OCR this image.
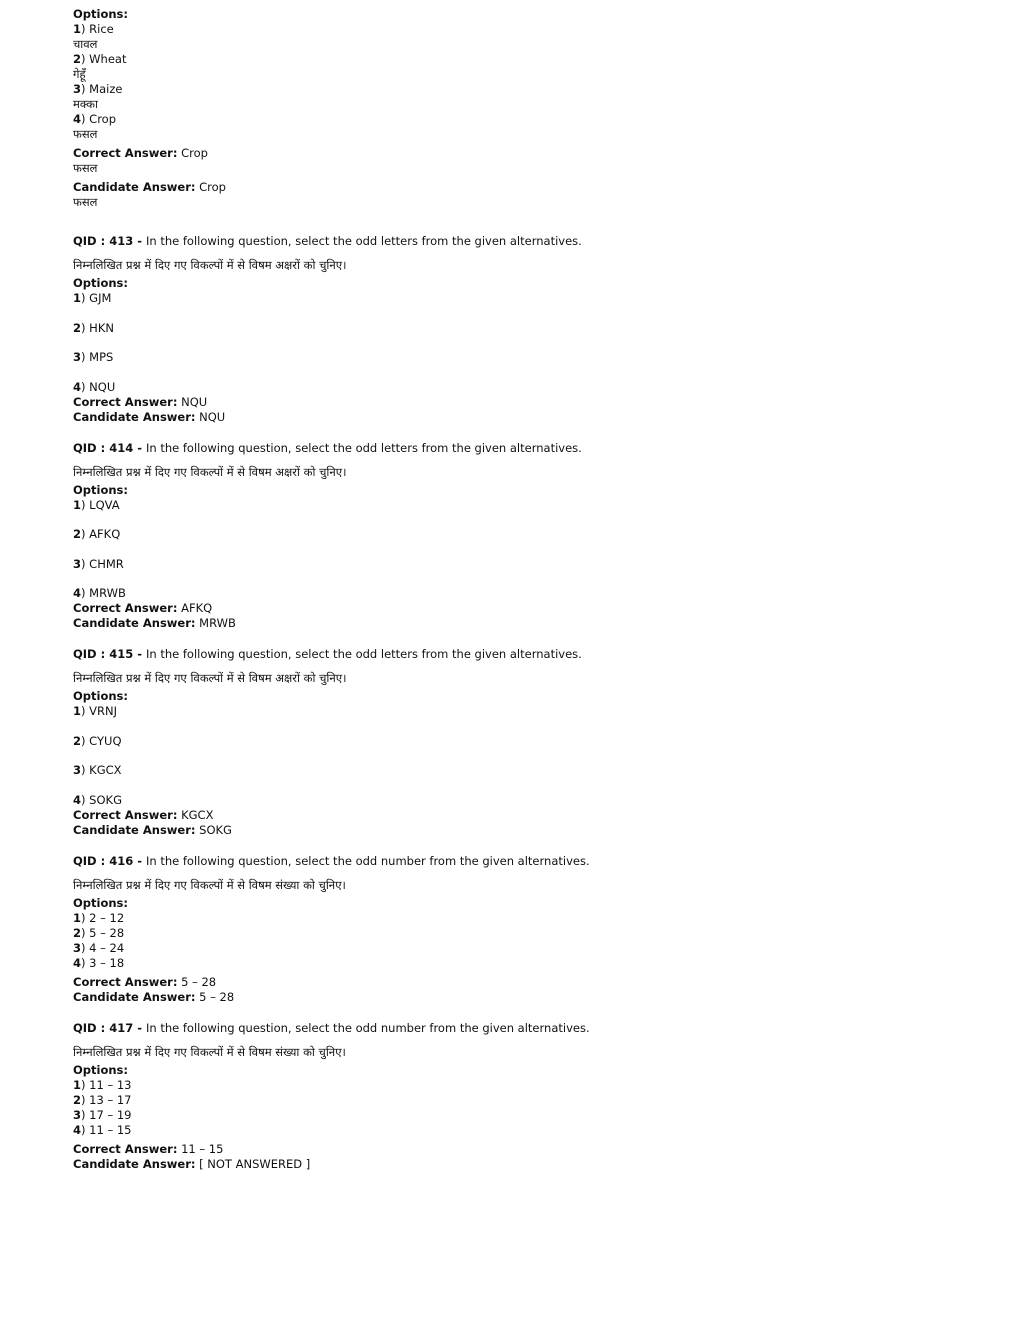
Options:
1) Rice
चावल
2) Wheat
गेहूँ
3) Maize
मक्का
4) Crop
फसल
Correct Answer: Crop
फसल
Candidate Answer: Crop
फसल
QID : 413 - In the following question, select the odd letters from the given alternatives.
निम्नलिखित प्रश्न में दिए गए विकल्पों में से विषम अक्षरों को चुनिए।
Options:
1) GJM
2) HKN
3) MPS
4) NQU
Correct Answer: NQU
Candidate Answer: NQU
QID : 414 - In the following question, select the odd letters from the given alternatives.
निम्नलिखित प्रश्न में दिए गए विकल्पों में से विषम अक्षरों को चुनिए।
Options:
1) LQVA
2) AFKQ
3) CHMR
4) MRWB
Correct Answer: AFKQ
Candidate Answer: MRWB
QID : 415 - In the following question, select the odd letters from the given alternatives.
निम्नलिखित प्रश्न में दिए गए विकल्पों में से विषम अक्षरों को चुनिए।
Options:
1) VRNJ
2) CYUQ
3) KGCX
4) SOKG
Correct Answer: KGCX
Candidate Answer: SOKG
QID : 416 - In the following question, select the odd number from the given alternatives.
निम्नलिखित प्रश्न में दिए गए विकल्पों में से विषम संख्या को चुनिए।
Options:
1) 2 – 12
2) 5 – 28
3) 4 – 24
4) 3 – 18
Correct Answer: 5 – 28
Candidate Answer: 5 – 28
QID : 417 - In the following question, select the odd number from the given alternatives.
निम्नलिखित प्रश्न में दिए गए विकल्पों में से विषम संख्या को चुनिए।
Options:
1) 11 – 13
2) 13 – 17
3) 17 – 19
4) 11 – 15
Correct Answer: 11 – 15
Candidate Answer: [ NOT ANSWERED ]
